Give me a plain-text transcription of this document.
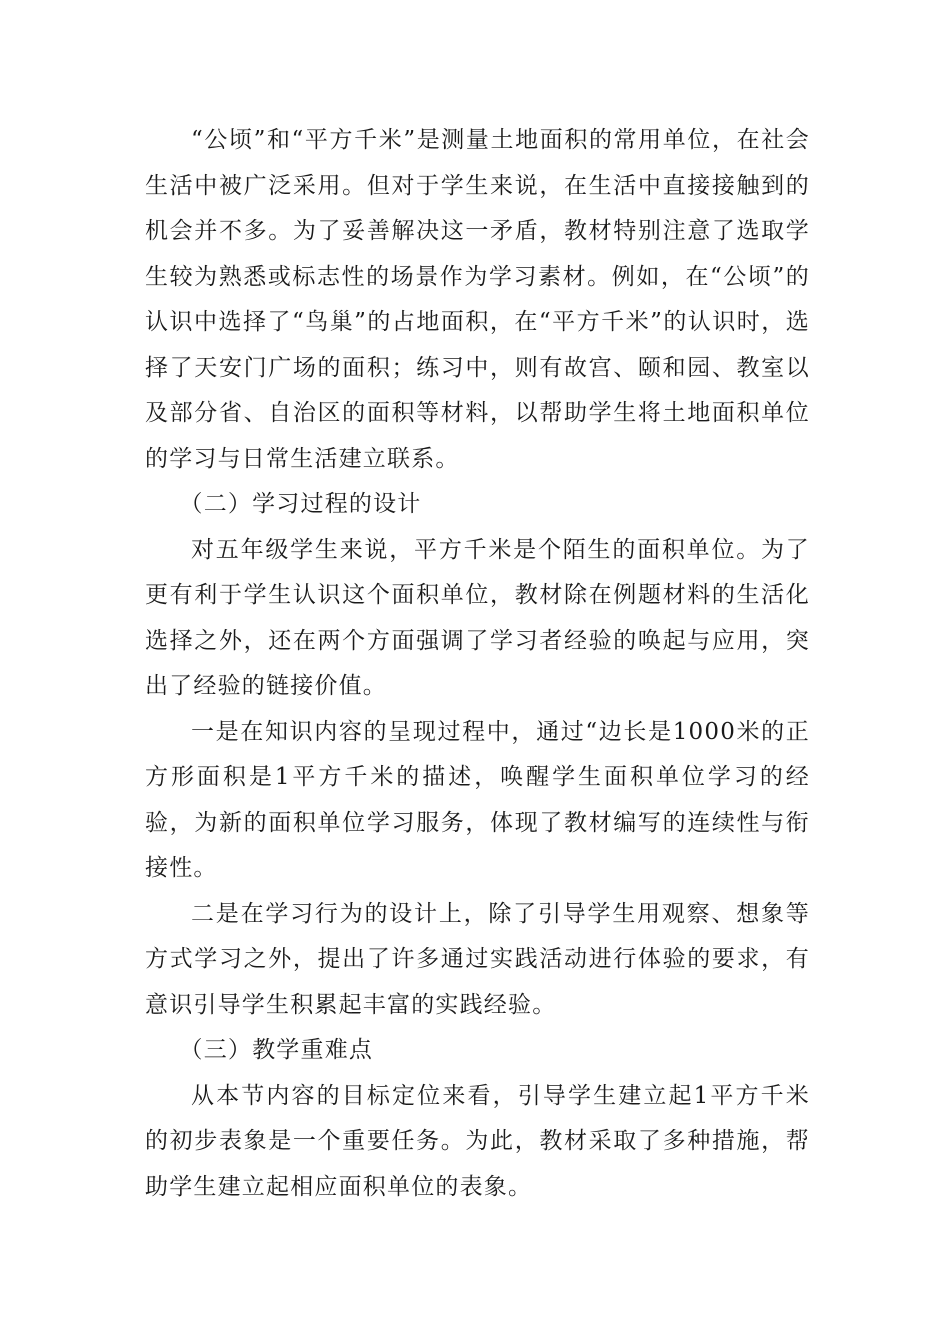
“公顷”和“平方千米”是测量土地面积的常用单位，在社会生活中被广泛采用。但对于学生来说，在生活中直接接触到的机会并不多。为了妥善解决这一矛盾，教材特别注意了选取学生较为熟悉或标志性的场景作为学习素材。例如，在“公顷”的认识中选择了“鸟巢”的占地面积，在“平方千米”的认识时，选择了天安门广场的面积；练习中，则有故宫、颐和园、教室以及部分省、自治区的面积等材料，以帮助学生将土地面积单位的学习与日常生活建立联系。

（二）学习过程的设计

对五年级学生来说，平方千米是个陌生的面积单位。为了更有利于学生认识这个面积单位，教材除在例题材料的生活化选择之外，还在两个方面强调了学习者经验的唤起与应用，突出了经验的链接价值。

一是在知识内容的呈现过程中，通过“边长是1000米的正方形面积是1平方千米的描述，唤醒学生面积单位学习的经验，为新的面积单位学习服务，体现了教材编写的连续性与衔接性。

二是在学习行为的设计上，除了引导学生用观察、想象等方式学习之外，提出了许多通过实践活动进行体验的要求，有意识引导学生积累起丰富的实践经验。

（三）教学重难点

从本节内容的目标定位来看，引导学生建立起1平方千米的初步表象是一个重要任务。为此，教材采取了多种措施，帮助学生建立起相应面积单位的表象。
